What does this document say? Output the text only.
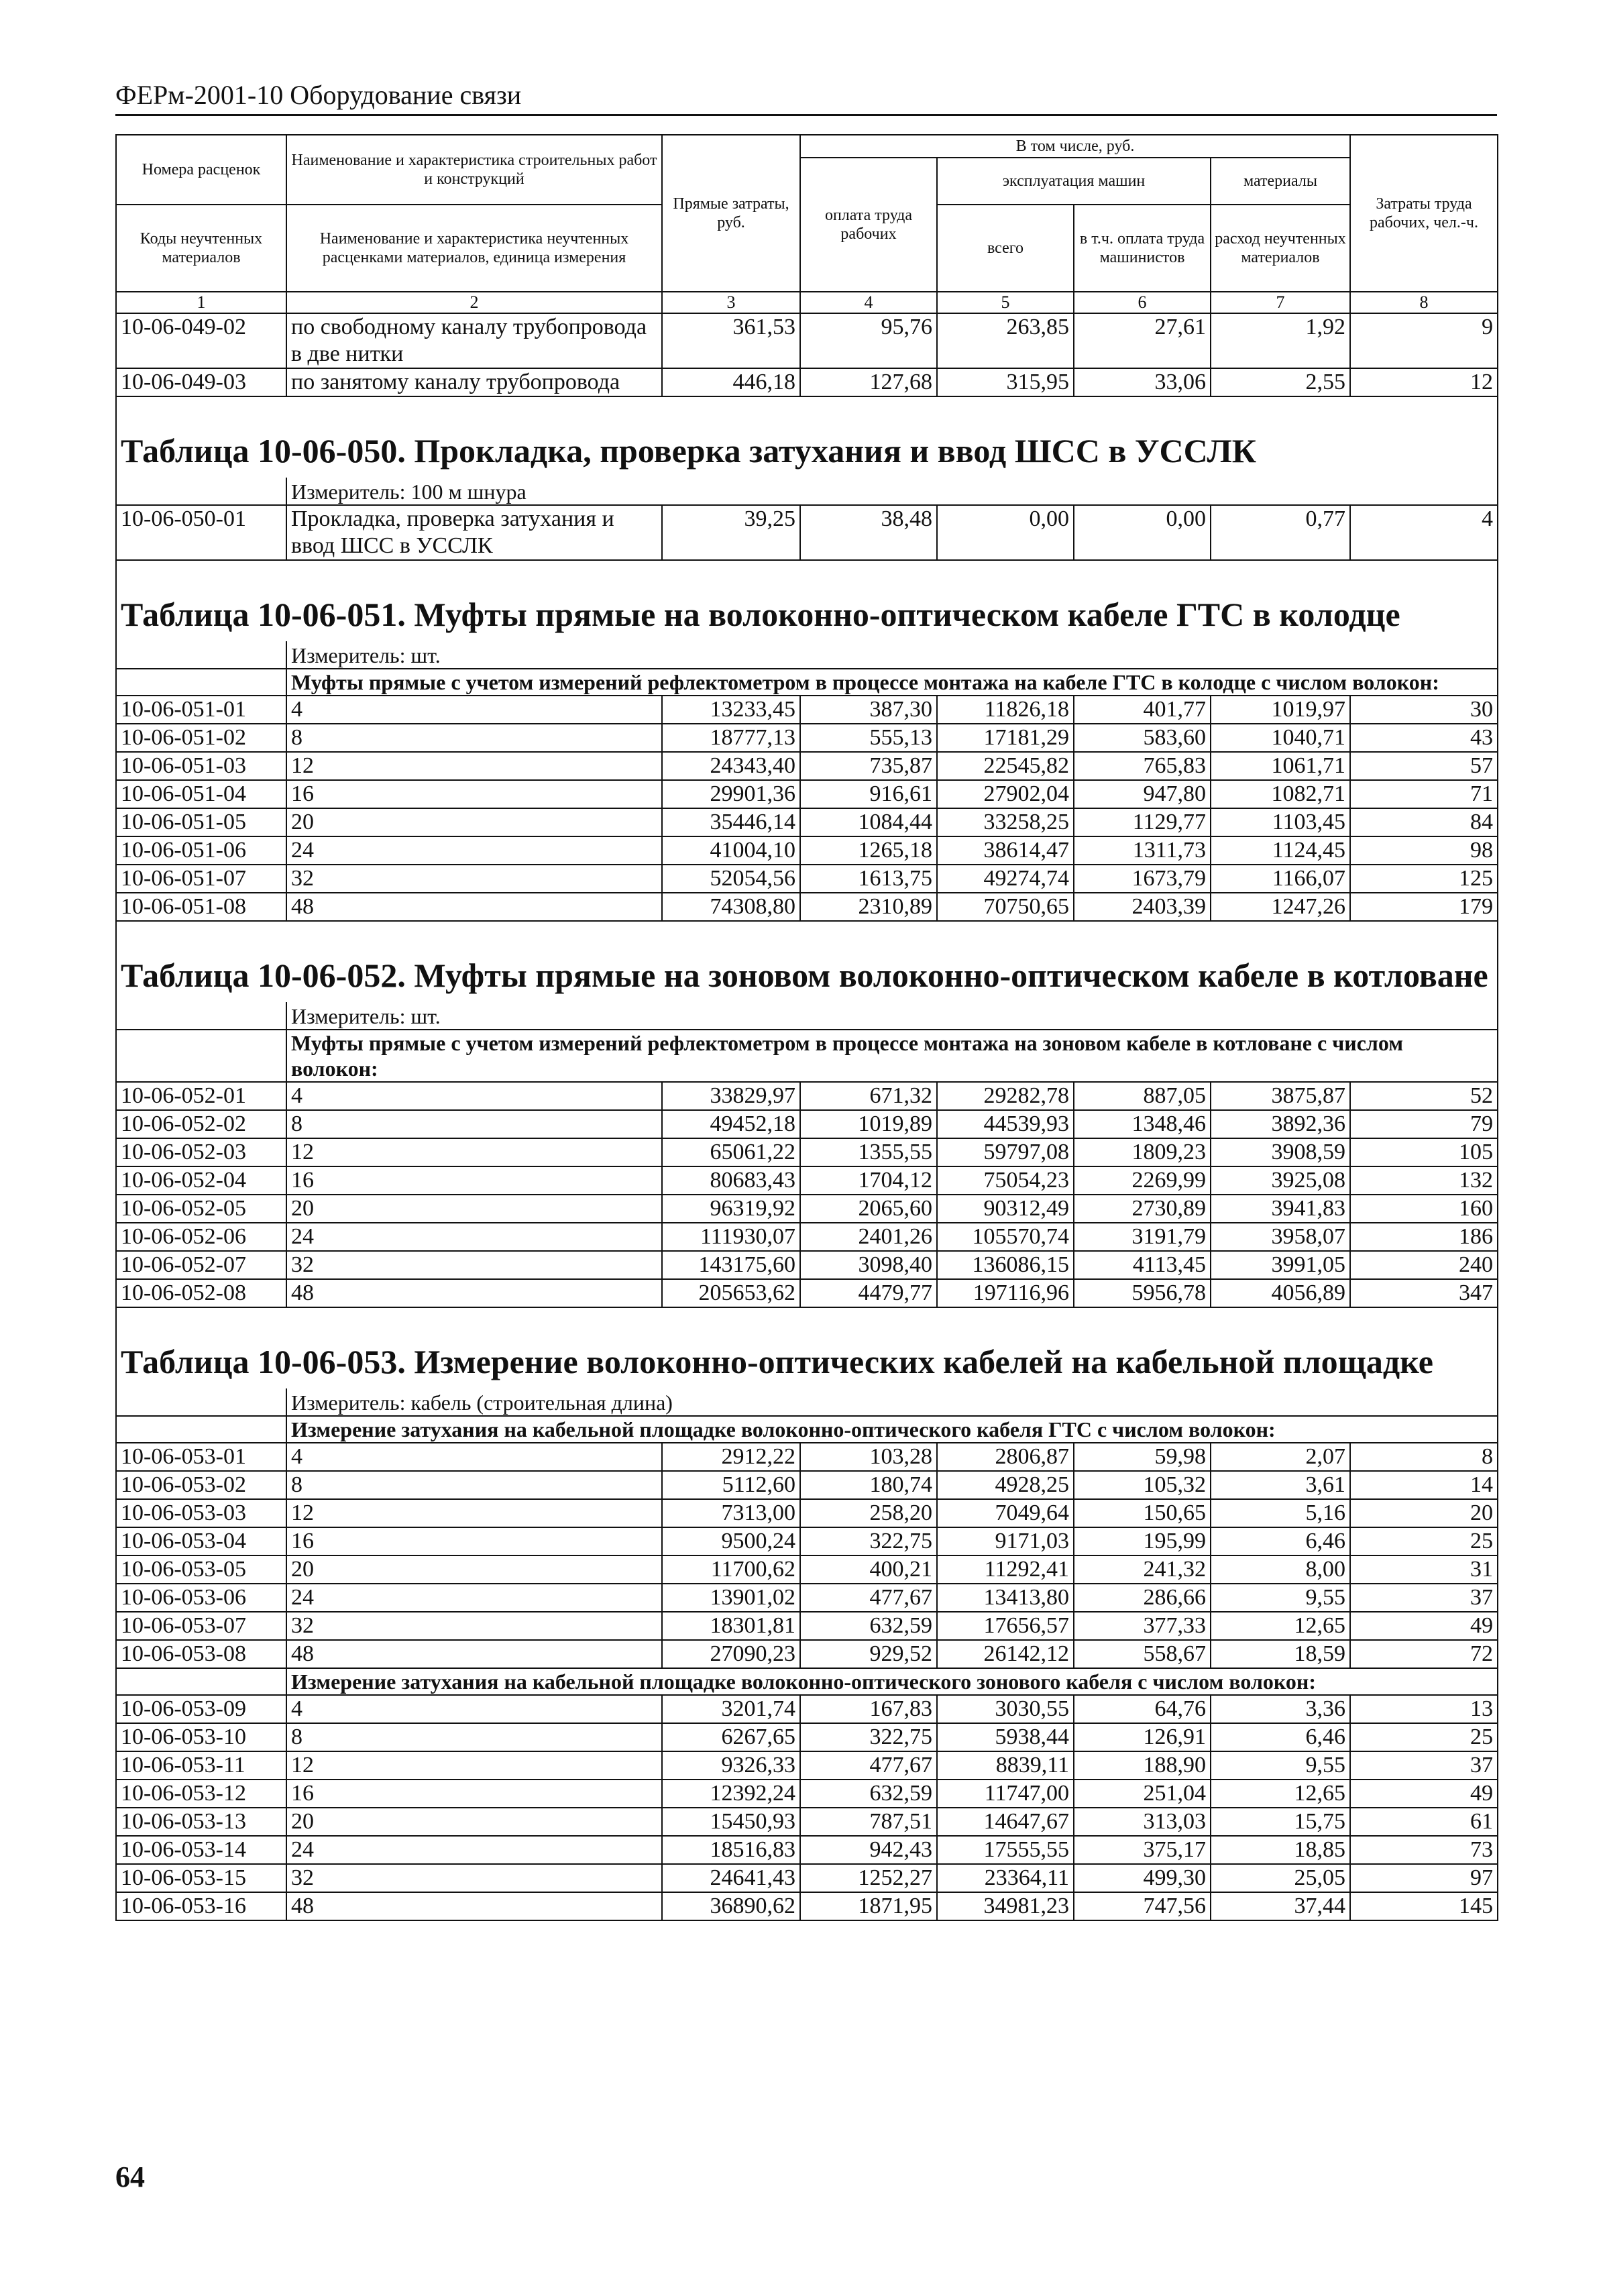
ФЕРм-2001-10 Оборудование связи
Номера расценок	Наименование и характеристика строительных работ и конструкций	Прямые затраты, руб.	В том числе, руб.				Затраты труда рабочих, чел.-ч.
			оплата труда рабочих	эксплуатация машин		материалы	
Коды неучтенных материалов	Наименование и характеристика неучтенных расценками материалов, единица измерения			всего	в т.ч. оплата труда машинистов	расход неучтенных материалов	

1	2	3	4	5	6	7	8
10-06-049-02	по свободному каналу трубопровода в две нитки	361,53	95,76	263,85	27,61	1,92	9
10-06-049-03	по занятому каналу трубопровода	446,18	127,68	315,95	33,06	2,55	12
Таблица 10-06-050. Прокладка, проверка затухания и ввод ШСС в УССЛК							
	Измеритель: 100 м шнура						
10-06-050-01	Прокладка, проверка затухания и ввод ШСС в УССЛК	39,25	38,48	0,00	0,00	0,77	4
Таблица 10-06-051. Муфты прямые на волоконно-оптическом кабеле ГТС в колодце							
	Измеритель: шт.						
	Муфты прямые с учетом измерений рефлектометром в процессе монтажа на кабеле ГТС в колодце с числом волокон:						
10-06-051-01	4	13233,45	387,30	11826,18	401,77	1019,97	30
10-06-051-02	8	18777,13	555,13	17181,29	583,60	1040,71	43
10-06-051-03	12	24343,40	735,87	22545,82	765,83	1061,71	57
10-06-051-04	16	29901,36	916,61	27902,04	947,80	1082,71	71
10-06-051-05	20	35446,14	1084,44	33258,25	1129,77	1103,45	84
10-06-051-06	24	41004,10	1265,18	38614,47	1311,73	1124,45	98
10-06-051-07	32	52054,56	1613,75	49274,74	1673,79	1166,07	125
10-06-051-08	48	74308,80	2310,89	70750,65	2403,39	1247,26	179
Таблица 10-06-052. Муфты прямые на зоновом волоконно-оптическом кабеле в котловане							
	Измеритель: шт.						
	Муфты прямые с учетом измерений рефлектометром в процессе монтажа на зоновом кабеле в котловане с числом волокон:						
10-06-052-01	4	33829,97	671,32	29282,78	887,05	3875,87	52
10-06-052-02	8	49452,18	1019,89	44539,93	1348,46	3892,36	79
10-06-052-03	12	65061,22	1355,55	59797,08	1809,23	3908,59	105
10-06-052-04	16	80683,43	1704,12	75054,23	2269,99	3925,08	132
10-06-052-05	20	96319,92	2065,60	90312,49	2730,89	3941,83	160
10-06-052-06	24	111930,07	2401,26	105570,74	3191,79	3958,07	186
10-06-052-07	32	143175,60	3098,40	136086,15	4113,45	3991,05	240
10-06-052-08	48	205653,62	4479,77	197116,96	5956,78	4056,89	347
Таблица 10-06-053. Измерение волоконно-оптических кабелей на кабельной площадке							
	Измеритель: кабель (строительная длина)						
	Измерение затухания на кабельной площадке волоконно-оптического кабеля ГТС с числом волокон:						
10-06-053-01	4	2912,22	103,28	2806,87	59,98	2,07	8
10-06-053-02	8	5112,60	180,74	4928,25	105,32	3,61	14
10-06-053-03	12	7313,00	258,20	7049,64	150,65	5,16	20
10-06-053-04	16	9500,24	322,75	9171,03	195,99	6,46	25
10-06-053-05	20	11700,62	400,21	11292,41	241,32	8,00	31
10-06-053-06	24	13901,02	477,67	13413,80	286,66	9,55	37
10-06-053-07	32	18301,81	632,59	17656,57	377,33	12,65	49
10-06-053-08	48	27090,23	929,52	26142,12	558,67	18,59	72
	Измерение затухания на кабельной площадке волоконно-оптического зонового кабеля с числом волокон:						
10-06-053-09	4	3201,74	167,83	3030,55	64,76	3,36	13
10-06-053-10	8	6267,65	322,75	5938,44	126,91	6,46	25
10-06-053-11	12	9326,33	477,67	8839,11	188,90	9,55	37
10-06-053-12	16	12392,24	632,59	11747,00	251,04	12,65	49
10-06-053-13	20	15450,93	787,51	14647,67	313,03	15,75	61
10-06-053-14	24	18516,83	942,43	17555,55	375,17	18,85	73
10-06-053-15	32	24641,43	1252,27	23364,11	499,30	25,05	97
10-06-053-16	48	36890,62	1871,95	34981,23	747,56	37,44	145
64
